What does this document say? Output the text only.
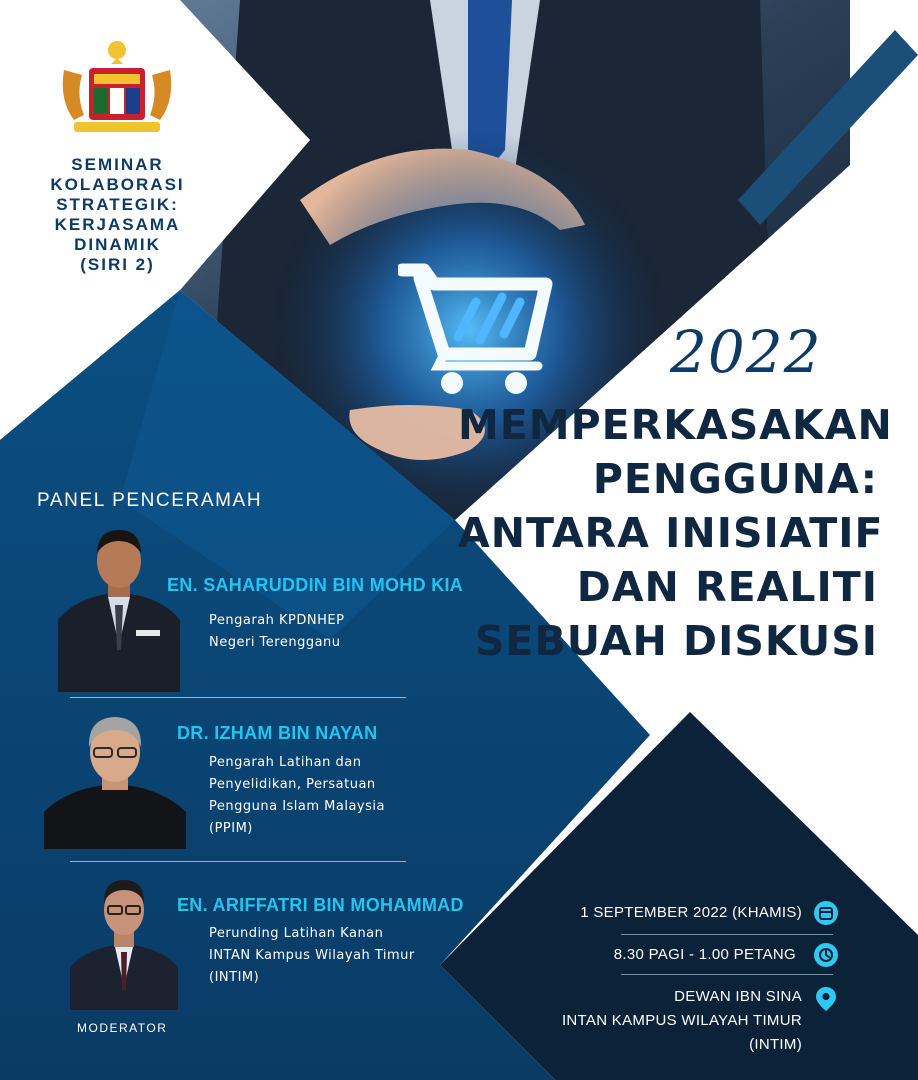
SEMINAR
KOLABORASI
STRATEGIK:
KERJASAMA
DINAMIK
(SIRI 2)
2022
MEMPERKASAKAN
PENGGUNA:
ANTARA INISIATIF
DAN REALITI
SEBUAH DISKUSI
PANEL PENCERAMAH
EN. SAHARUDDIN BIN MOHD KIA
Pengarah KPDNHEP
Negeri Terengganu
DR. IZHAM BIN NAYAN
Pengarah Latihan dan
Penyelidikan, Persatuan
Pengguna Islam Malaysia
(PPIM)
EN. ARIFFATRI BIN MOHAMMAD
Perunding Latihan Kanan
INTAN Kampus Wilayah Timur
(INTIM)
MODERATOR
1 SEPTEMBER 2022 (KHAMIS)
8.30 PAGI - 1.00 PETANG
DEWAN IBN SINA
INTAN KAMPUS WILAYAH TIMUR
(INTIM)
